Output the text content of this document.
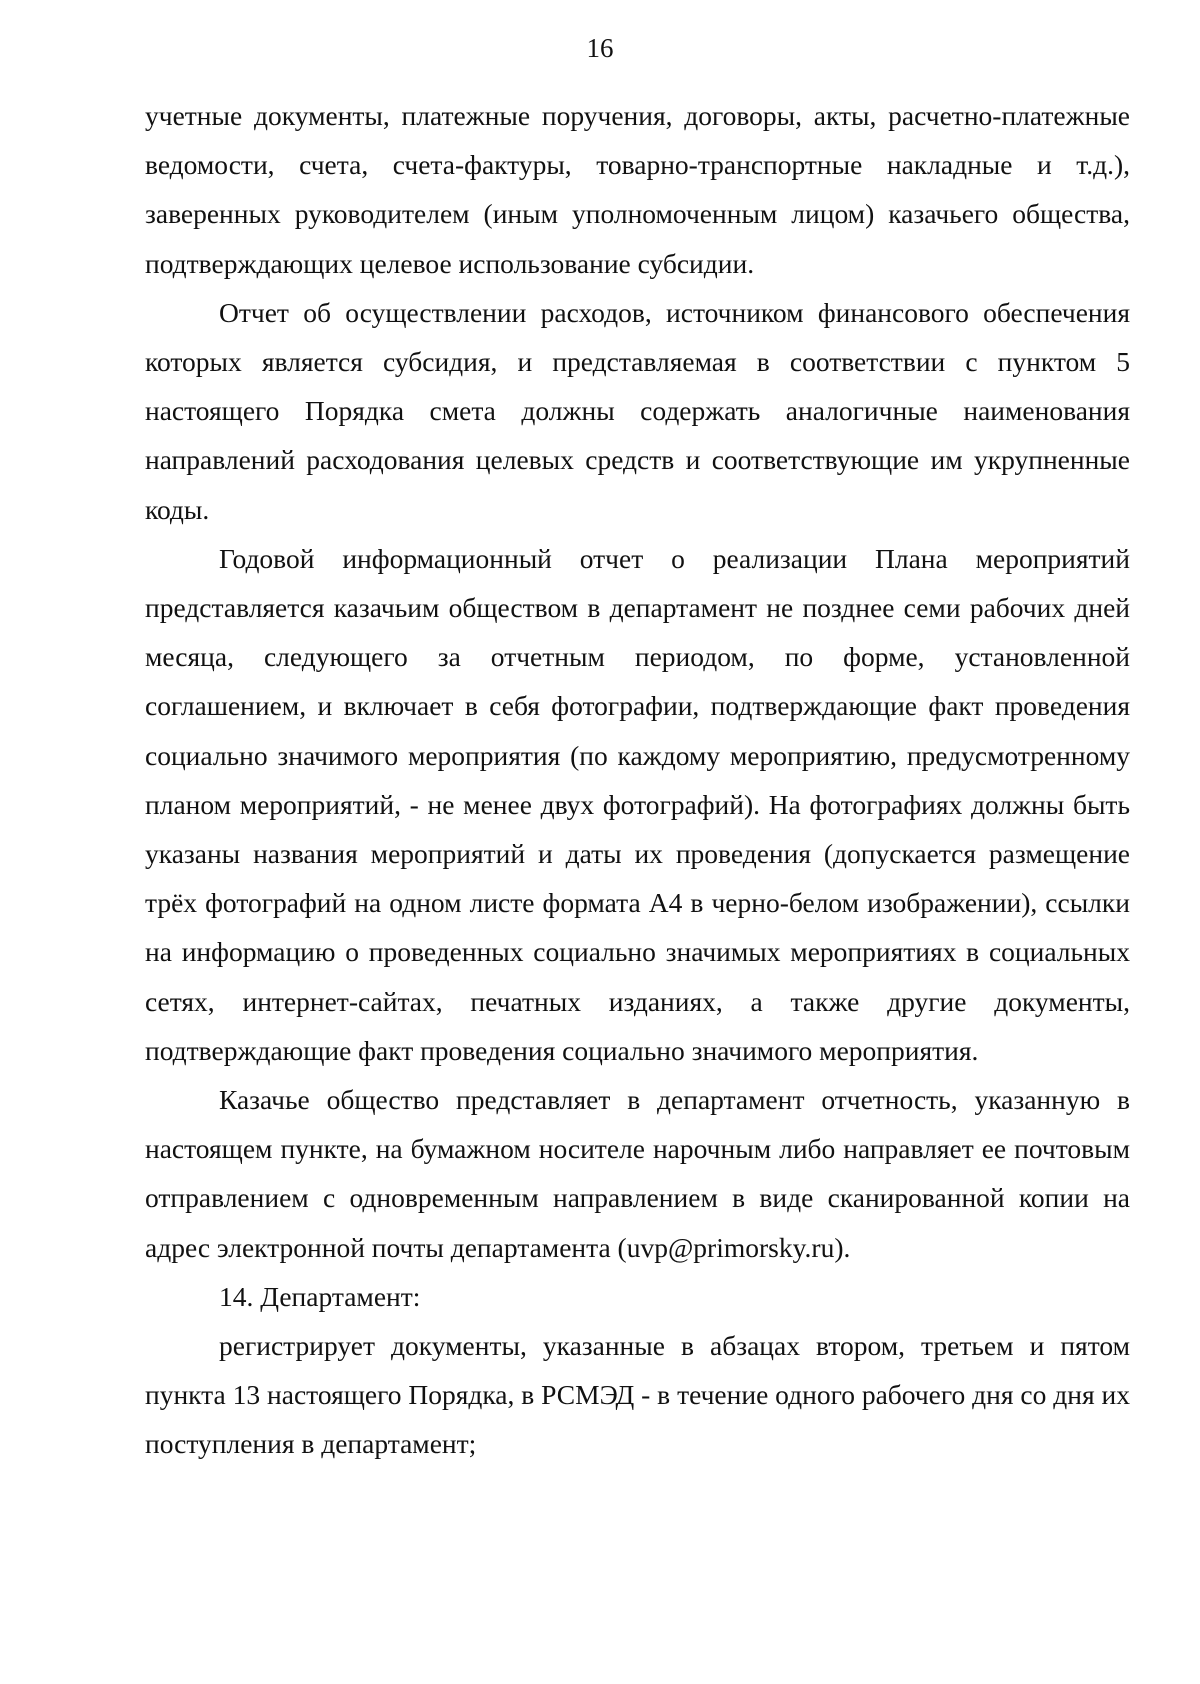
16

учетные документы, платежные поручения, договоры, акты, расчетно-платежные ведомости, счета, счета-фактуры, товарно-транспортные накладные и т.д.), заверенных руководителем (иным уполномоченным лицом) казачьего общества, подтверждающих целевое использование субсидии.

Отчет об осуществлении расходов, источником финансового обеспечения которых является субсидия, и представляемая в соответствии с пунктом 5 настоящего Порядка смета должны содержать аналогичные наименования направлений расходования целевых средств и соответствующие им укрупненные коды.

Годовой информационный отчет о реализации Плана мероприятий представляется казачьим обществом в департамент не позднее семи рабочих дней месяца, следующего за отчетным периодом, по форме, установленной соглашением, и включает в себя фотографии, подтверждающие факт проведения социально значимого мероприятия (по каждому мероприятию, предусмотренному планом мероприятий, - не менее двух фотографий). На фотографиях должны быть указаны названия мероприятий и даты их проведения (допускается размещение трёх фотографий на одном листе формата А4 в черно-белом изображении), ссылки на информацию о проведенных социально значимых мероприятиях в социальных сетях, интернет-сайтах, печатных изданиях, а также другие документы, подтверждающие факт проведения социально значимого мероприятия.

Казачье общество представляет в департамент отчетность, указанную в настоящем пункте, на бумажном носителе нарочным либо направляет ее почтовым отправлением с одновременным направлением в виде сканированной копии на адрес электронной почты департамента (uvp@primorsky.ru).

14. Департамент:

регистрирует документы, указанные в абзацах втором, третьем и пятом пункта 13 настоящего Порядка, в РСМЭД - в течение одного рабочего дня со дня их поступления в департамент;
